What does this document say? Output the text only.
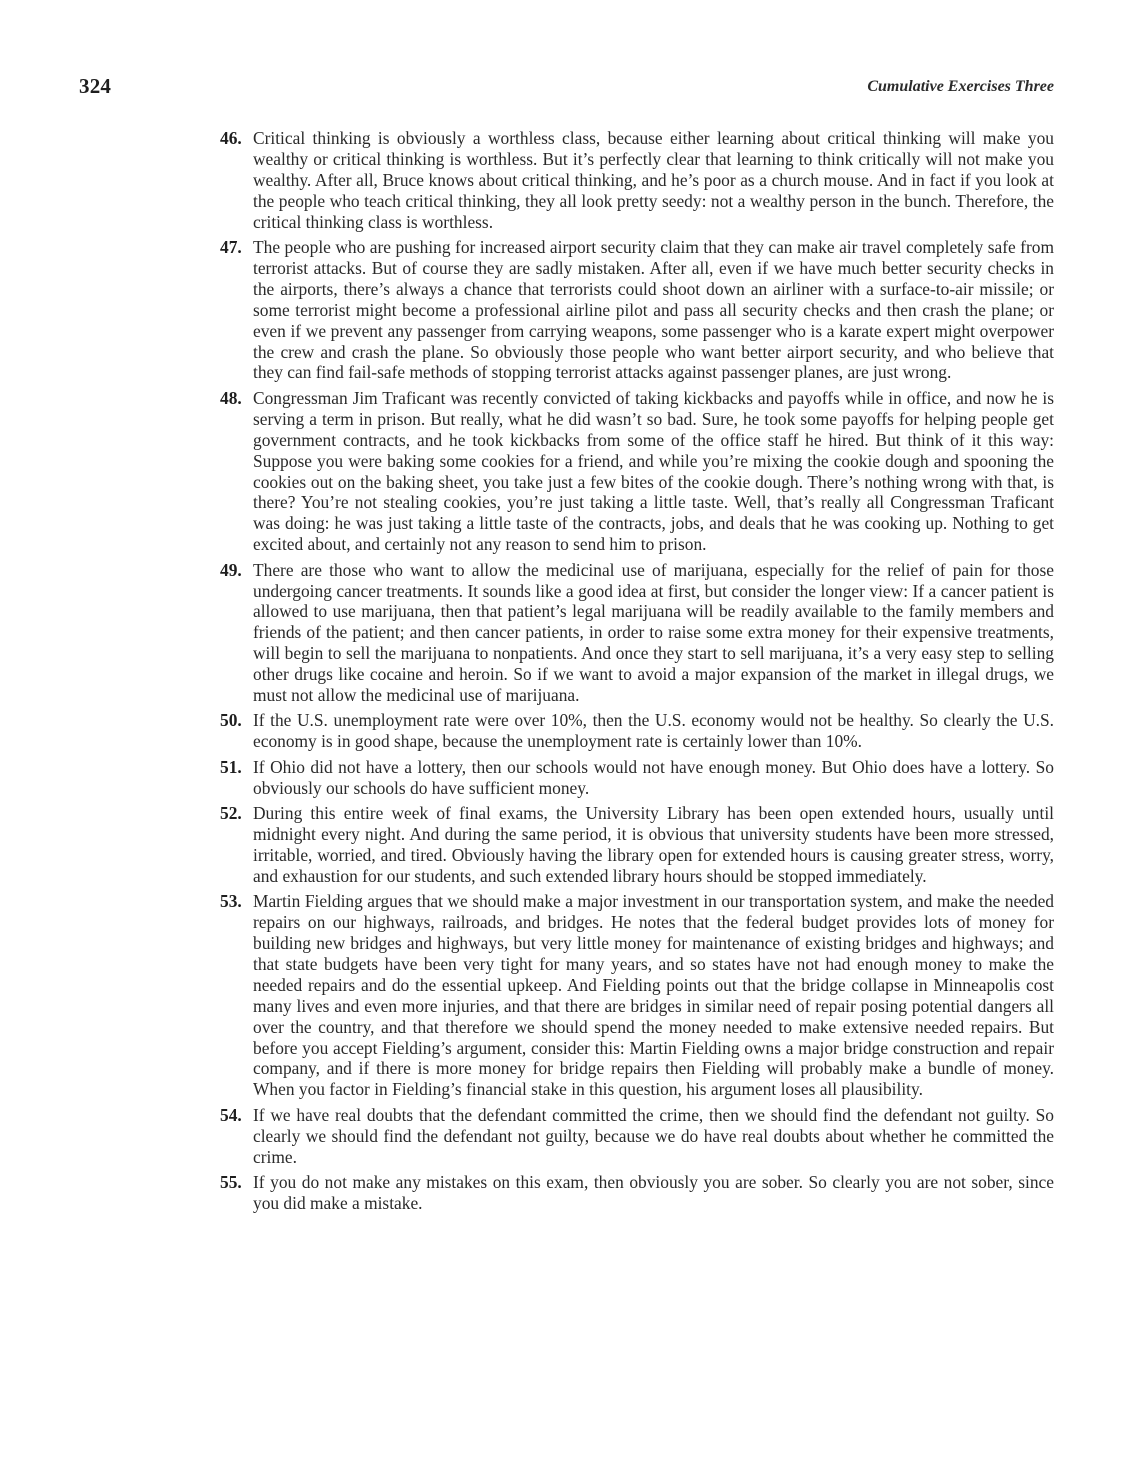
324	Cumulative Exercises Three
46. Critical thinking is obviously a worthless class, because either learning about critical thinking will make you wealthy or critical thinking is worthless. But it’s perfectly clear that learning to think critically will not make you wealthy. After all, Bruce knows about critical thinking, and he’s poor as a church mouse. And in fact if you look at the people who teach critical thinking, they all look pretty seedy: not a wealthy person in the bunch. Therefore, the critical thinking class is worthless.
47. The people who are pushing for increased airport security claim that they can make air travel completely safe from terrorist attacks. But of course they are sadly mistaken. After all, even if we have much better security checks in the airports, there’s always a chance that terrorists could shoot down an airliner with a surface-to-air missile; or some terrorist might become a professional airline pilot and pass all security checks and then crash the plane; or even if we prevent any passenger from carrying weapons, some passenger who is a karate expert might overpower the crew and crash the plane. So obviously those people who want better airport security, and who believe that they can find fail-safe methods of stopping terrorist attacks against passenger planes, are just wrong.
48. Congressman Jim Traficant was recently convicted of taking kickbacks and payoffs while in office, and now he is serving a term in prison. But really, what he did wasn’t so bad. Sure, he took some payoffs for helping people get government contracts, and he took kickbacks from some of the office staff he hired. But think of it this way: Suppose you were baking some cookies for a friend, and while you’re mixing the cookie dough and spooning the cookies out on the baking sheet, you take just a few bites of the cookie dough. There’s nothing wrong with that, is there? You’re not stealing cookies, you’re just taking a little taste. Well, that’s really all Congressman Traficant was doing: he was just taking a little taste of the contracts, jobs, and deals that he was cooking up. Nothing to get excited about, and certainly not any reason to send him to prison.
49. There are those who want to allow the medicinal use of marijuana, especially for the relief of pain for those undergoing cancer treatments. It sounds like a good idea at first, but consider the longer view: If a cancer patient is allowed to use marijuana, then that patient’s legal marijuana will be readily available to the family members and friends of the patient; and then cancer patients, in order to raise some extra money for their expensive treatments, will begin to sell the marijuana to nonpatients. And once they start to sell marijuana, it’s a very easy step to selling other drugs like cocaine and heroin. So if we want to avoid a major expansion of the market in illegal drugs, we must not allow the medicinal use of marijuana.
50. If the U.S. unemployment rate were over 10%, then the U.S. economy would not be healthy. So clearly the U.S. economy is in good shape, because the unemployment rate is certainly lower than 10%.
51. If Ohio did not have a lottery, then our schools would not have enough money. But Ohio does have a lottery. So obviously our schools do have sufficient money.
52. During this entire week of final exams, the University Library has been open extended hours, usually until midnight every night. And during the same period, it is obvious that university students have been more stressed, irritable, worried, and tired. Obviously having the library open for extended hours is causing greater stress, worry, and exhaustion for our students, and such extended library hours should be stopped immediately.
53. Martin Fielding argues that we should make a major investment in our transportation system, and make the needed repairs on our highways, railroads, and bridges. He notes that the federal budget provides lots of money for building new bridges and highways, but very little money for maintenance of existing bridges and highways; and that state budgets have been very tight for many years, and so states have not had enough money to make the needed repairs and do the essential upkeep. And Fielding points out that the bridge collapse in Minneapolis cost many lives and even more injuries, and that there are bridges in similar need of repair posing potential dangers all over the country, and that therefore we should spend the money needed to make extensive needed repairs. But before you accept Fielding’s argument, consider this: Martin Fielding owns a major bridge construction and repair company, and if there is more money for bridge repairs then Fielding will probably make a bundle of money. When you factor in Fielding’s financial stake in this question, his argument loses all plausibility.
54. If we have real doubts that the defendant committed the crime, then we should find the defendant not guilty. So clearly we should find the defendant not guilty, because we do have real doubts about whether he committed the crime.
55. If you do not make any mistakes on this exam, then obviously you are sober. So clearly you are not sober, since you did make a mistake.
